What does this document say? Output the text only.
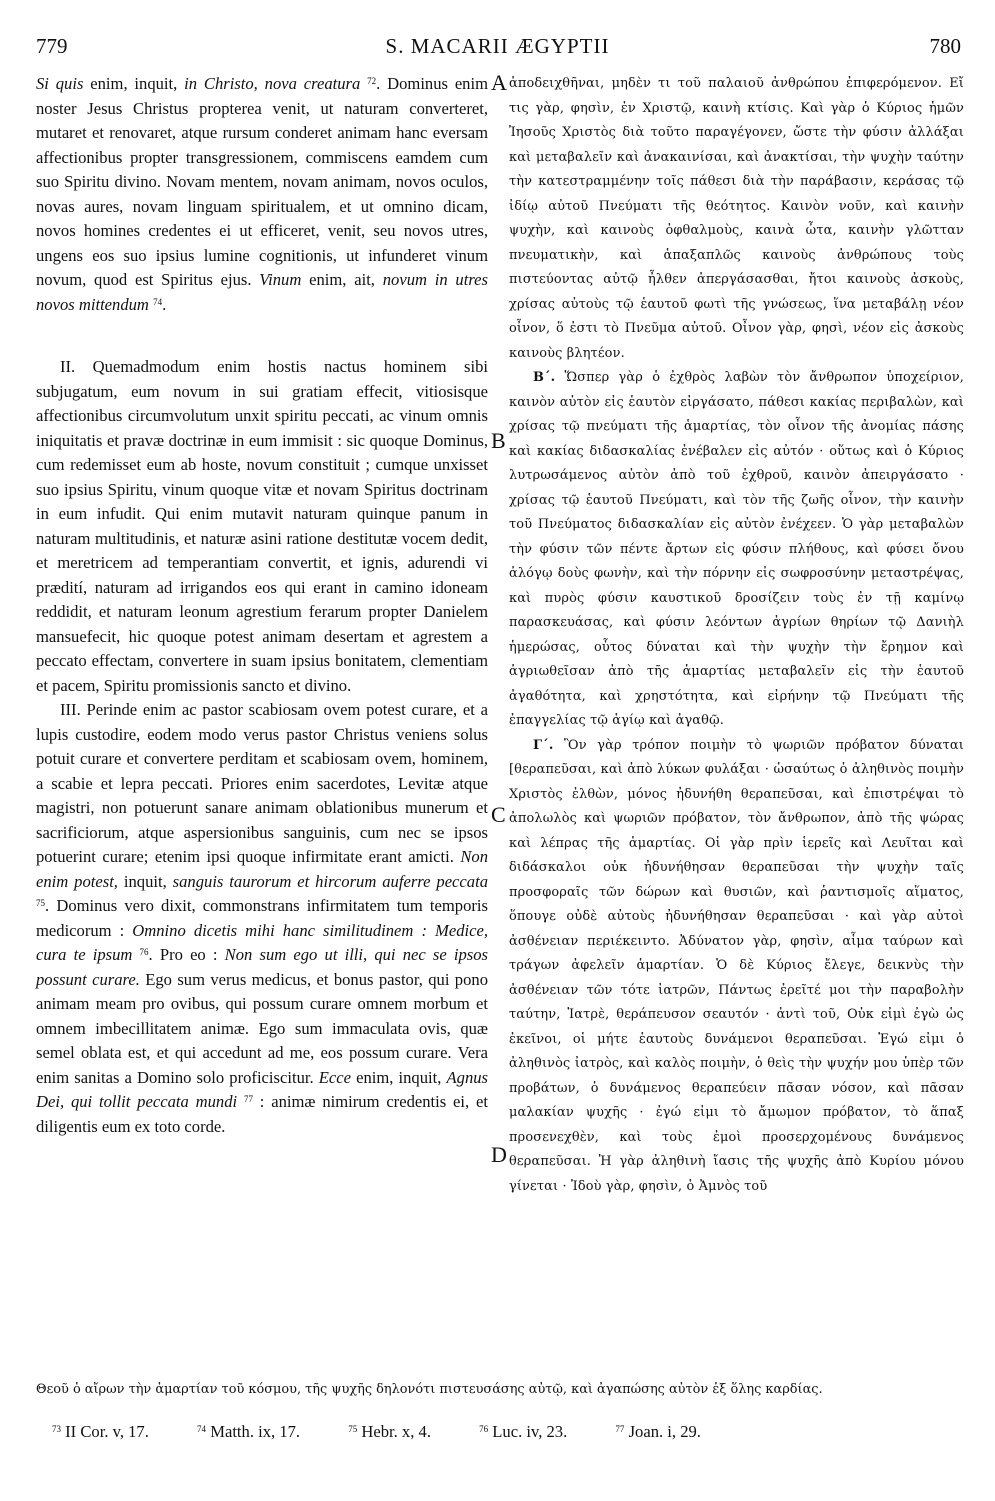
779	S. MACARII ÆGYPTII	780
A
B
C
D

Si quis enim, inquit, in Christo, nova creatura $^{72}$. Dominus enim noster Jesus Christus propterea venit, ut naturam converteret, mutaret et renovaret, atque rursum conderet animam hanc eversam affectionibus propter transgressionem, commiscens eamdem cum suo Spiritu divino. Novam mentem, novam animam, novos oculos, novas aures, novam linguam spiritualem, et ut omnino dicam, novos homines credentes ei ut efficeret, venit, seu novos utres, ungens eos suo ipsius lumine cognitionis, ut infunderet vinum novum, quod est Spiritus ejus. Vinum enim, ait, novum in utres novos mittendum $^{74}$.

II. Quemadmodum enim hostis nactus hominem sibi subjugatum, eum novum in sui gratiam effecit, vitiosisque affectionibus circumvolutum unxit spiritu peccati, ac vinum omnis iniquitatis et pravæ doctrinæ in eum immisit : sic quoque Dominus, cum redemisset eum ab hoste, novum constituit ; cumque unxisset suo ipsius Spiritu, vinum quoque vitæ et novam Spiritus doctrinam in eum infudit. Qui enim mutavit naturam quinque panum in naturam multitudinis, et naturæ asini ratione destitutæ vocem dedit, et meretricem ad temperantiam convertit, et ignis, adurendi vi prædití, naturam ad irrigandos eos qui erant in camino idoneam reddidit, et naturam leonum agrestium ferarum propter Danielem mansuefecit, hic quoque potest animam desertam et agrestem a peccato effectam, convertere in suam ipsius bonitatem, clementiam et pacem, Spiritu promissionis sancto et divino.

III. Perinde enim ac pastor scabiosam ovem potest curare, et a lupis custodire, eodem modo verus pastor Christus veniens solus potuit curare et convertere perditam et scabiosam ovem, hominem, a scabie et lepra peccati. Priores enim sacerdotes, Levitæ atque magistri, non potuerunt sanare animam oblationibus munerum et sacrificiorum, atque aspersionibus sanguinis, cum nec se ipsos potuerint curare; etenim ipsi quoque infirmitate erant amicti. Non enim potest, inquit, sanguis taurorum et hircorum auferre peccata $^{75}$. Dominus vero dixit, commonstrans infirmitatem tum temporis medicorum : Omnino dicetis mihi hanc similitudinem : Medice, cura te ipsum $^{76}$. Pro eo : Non sum ego ut illi, qui nec se ipsos possunt curare. Ego sum verus medicus, et bonus pastor, qui pono animam meam pro ovibus, qui possum curare omnem morbum et omnem imbecillitatem animæ. Ego sum immaculata ovis, quæ semel oblata est, et qui accedunt ad me, eos possum curare. Vera enim sanitas a Domino solo proficiscitur. Ecce enim, inquit, Agnus Dei, qui tollit peccata mundi $^{77}$ : animæ nimirum credentis ei, et diligentis eum ex toto corde.

ἀποδειχθῆναι, μηδὲν τι τοῦ παλαιοῦ ἀνθρώπου ἐπιφερόμενον. Εἴ τις γὰρ, φησὶν, ἐν Χριστῷ, καινὴ κτίσις. Καὶ γὰρ ὁ Κύριος ἡμῶν Ἰησοῦς Χριστὸς διὰ τοῦτο παραγέγονεν, ὥστε τὴν φύσιν ἀλλάξαι καὶ μεταβαλεῖν καὶ ἀνακαινίσαι, καὶ ἀνακτίσαι, τὴν ψυχὴν ταύτην τὴν κατεστραμμένην τοῖς πάθεσι διὰ τὴν παράβασιν, κεράσας τῷ ἰδίῳ αὐτοῦ Πνεύματι τῆς θεότητος. Καινὸν νοῦν, καὶ καινὴν ψυχὴν, καὶ καινοὺς ὀφθαλμοὺς, καινὰ ὦτα, καινὴν γλῶτταν πνευματικὴν, καὶ ἁπαξαπλῶς καινοὺς ἀνθρώπους τοὺς πιστεύοντας αὐτῷ ἦλθεν ἀπεργάσασθαι, ἤτοι καινοὺς ἀσκοὺς, χρίσας αὐτοὺς τῷ ἑαυτοῦ φωτὶ τῆς γνώσεως, ἵνα μεταβάλῃ νέον οἶνον, ὅ ἐστι τὸ Πνεῦμα αὐτοῦ. Οἶνον γὰρ, φησὶ, νέον εἰς ἀσκοὺς καινοὺς βλητέον.

Β΄. Ὥσπερ γὰρ ὁ ἐχθρὸς λαβὼν τὸν ἄνθρωπον ὑποχείριον, καινὸν αὐτὸν εἰς ἑαυτὸν εἰργάσατο, πάθεσι κακίας περιβαλὼν, καὶ χρίσας τῷ πνεύματι τῆς ἁμαρτίας, τὸν οἶνον τῆς ἀνομίας πάσης καὶ κακίας διδασκαλίας ἐνέβαλεν εἰς αὐτόν · οὕτως καὶ ὁ Κύριος λυτρωσάμενος αὐτὸν ἀπὸ τοῦ ἐχθροῦ, καινὸν ἀπειργάσατο · χρίσας τῷ ἑαυτοῦ Πνεύματι, καὶ τὸν τῆς ζωῆς οἶνον, τὴν καινὴν τοῦ Πνεύματος διδασκαλίαν εἰς αὐτὸν ἐνέχεεν. Ὁ γὰρ μεταβαλὼν τὴν φύσιν τῶν πέντε ἄρτων εἰς φύσιν πλήθους, καὶ φύσει ὄνου ἀλόγῳ δοὺς φωνὴν, καὶ τὴν πόρνην εἰς σωφροσύνην μεταστρέψας, καὶ πυρὸς φύσιν καυστικοῦ δροσίζειν τοὺς ἐν τῇ καμίνῳ παρασκευάσας, καὶ φύσιν λεόντων ἀγρίων θηρίων τῷ Δανιὴλ ἡμερώσας, οὗτος δύναται καὶ τὴν ψυχὴν τὴν ἔρημον καὶ ἀγριωθεῖσαν ἀπὸ τῆς ἁμαρτίας μεταβαλεῖν εἰς τὴν ἑαυτοῦ ἀγαθότητα, καὶ χρηστότητα, καὶ εἰρήνην τῷ Πνεύματι τῆς ἐπαγγελίας τῷ ἁγίῳ καὶ ἀγαθῷ.

Γ΄. Ὃν γὰρ τρόπον ποιμὴν τὸ ψωριῶν πρόβατον δύναται [θεραπεῦσαι, καὶ ἀπὸ λύκων φυλάξαι · ὡσαύτως ὁ ἀληθινὸς ποιμὴν Χριστὸς ἐλθὼν, μόνος ἠδυνήθη θεραπεῦσαι, καὶ ἐπιστρέψαι τὸ ἀπολωλὸς καὶ ψωριῶν πρόβατον, τὸν ἄνθρωπον, ἀπὸ τῆς ψώρας καὶ λέπρας τῆς ἁμαρτίας. Οἱ γὰρ πρὶν ἱερεῖς καὶ Λευῖται καὶ διδάσκαλοι οὐκ ἠδυνήθησαν θεραπεῦσαι τὴν ψυχὴν ταῖς προσφοραῖς τῶν δώρων καὶ θυσιῶν, καὶ ῥαντισμοῖς αἵματος, ὅπουγε οὐδὲ αὐτοὺς ἠδυνήθησαν θεραπεῦσαι · καὶ γὰρ αὐτοὶ ἀσθένειαν περιέκειντο. Ἀδύνατον γὰρ, φησὶν, αἷμα ταύρων καὶ τράγων ἀφελεῖν ἁμαρτίαν. Ὁ δὲ Κύριος ἔλεγε, δεικνὺς τὴν ἀσθένειαν τῶν τότε ἰατρῶν, Πάντως ἐρεῖτέ μοι τὴν παραβολὴν ταύτην, Ἰατρὲ, θεράπευσον σεαυτόν · ἀντὶ τοῦ, Οὐκ εἰμὶ ἐγὼ ὡς ἐκεῖνοι, οἱ μήτε ἑαυτοὺς δυνάμενοι θεραπεῦσαι. Ἐγώ εἰμι ὁ ἀληθινὸς ἰατρὸς, καὶ καλὸς ποιμὴν, ὁ θεὶς τὴν ψυχήν μου ὑπὲρ τῶν προβάτων, ὁ δυνάμενος θεραπεύειν πᾶσαν νόσον, καὶ πᾶσαν μαλακίαν ψυχῆς · ἐγώ εἰμι τὸ ἄμωμον πρόβατον, τὸ ἅπαξ προσενεχθὲν, καὶ τοὺς ἐμοὶ προσερχομένους δυνάμενος θεραπεῦσαι. Ἡ γὰρ ἀληθινὴ ἴασις τῆς ψυχῆς ἀπὸ Κυρίου μόνου γίνεται · Ἰδοὺ γὰρ, φησὶν, ὁ Ἀμνὸς τοῦ

Θεοῦ ὁ αἴρων τὴν ἁμαρτίαν τοῦ κόσμου, τῆς ψυχῆς δηλονότι πιστευσάσης αὐτῷ, καὶ ἀγαπώσης αὐτὸν ἐξ ὅλης καρδίας.
$^{73}$ II Cor. v, 17.	$^{74}$ Matth. ix, 17.	$^{75}$ Hebr. x, 4.	$^{76}$ Luc. iv, 23.	$^{77}$ Joan. i, 29.
